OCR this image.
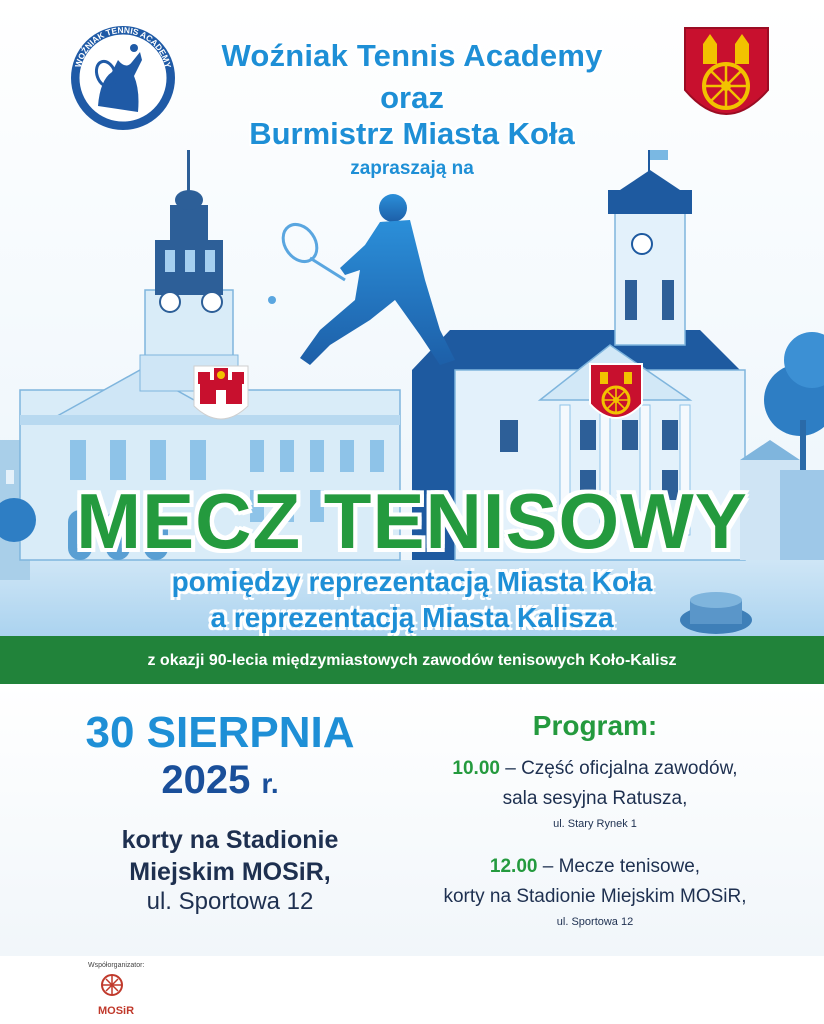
WOŹNIAK TENNIS ACADEMY	Woźniak Tennis Academy
oraz
Burmistrz Miasta Koła
zapraszają na
MECZ TENISOWY
pomiędzy reprezentacją Miasta Koła
a reprezentacją Miasta Kalisza
z okazji 90-lecia międzymiastowych zawodów tenisowych Koło-Kalisz
30 SIERPNIA
2025 r.
korty na Stadionie
Miejskim MOSiR,
ul. Sportowa 12
Program:
10.00 – Część oficjalna zawodów,
sala sesyjna Ratusza,
ul. Stary Rynek 1
12.00 – Mecze tenisowe,
korty na Stadionie Miejskim MOSiR,
ul. Sportowa 12
Współorganizator:
MOSiR
